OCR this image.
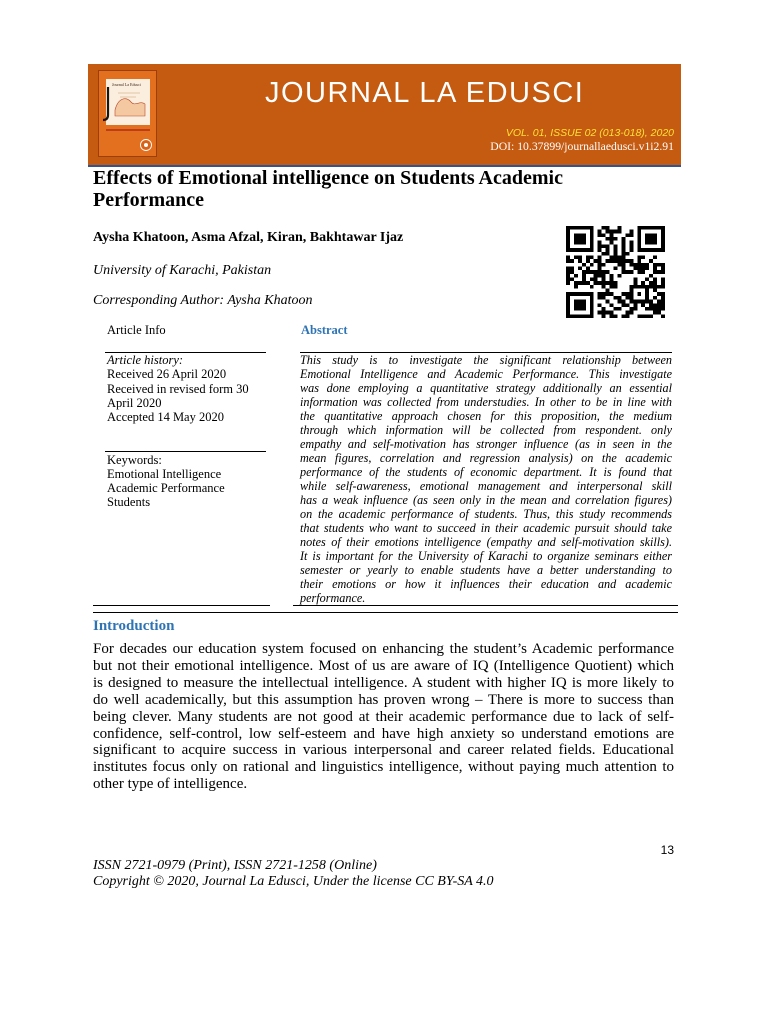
Journal La Edusci	JOURNAL LA EDUSCI
VOL. 01, ISSUE 02 (013-018), 2020
DOI: 10.37899/journallaedusci.v1i2.91
Effects of Emotional intelligence on Students Academic Performance
Aysha Khatoon, Asma Afzal, Kiran, Bakhtawar Ijaz
University of Karachi, Pakistan
Corresponding Author: Aysha Khatoon
Article Info	Abstract
Article history:
Received 26 April 2020
Received in revised form 30 April 2020
Accepted 14 May 2020
Keywords:
Emotional Intelligence
Academic Performance
Students
This study is to investigate the significant relationship between
Emotional Intelligence and Academic Performance. This investigate
was done employing a quantitative strategy additionally an essential
information was collected from understudies. In other to be in line with
the quantitative approach chosen for this proposition, the medium
through which information will be collected from respondent. only
empathy and self-motivation has stronger influence (as in seen in the
mean figures, correlation and regression analysis) on the academic
performance of the students of economic department. It is found that
while self-awareness, emotional management and interpersonal skill
has a weak influence (as seen only in the mean and correlation figures)
on the academic performance of students. Thus, this study recommends
that students who want to succeed in their academic pursuit should take
notes of their emotions intelligence (empathy and self-motivation skills).
It is important for the University of Karachi to organize seminars either
semester or yearly to enable students have a better understanding to
their emotions or how it influences their education and academic
performance.
Introduction
For decades our education system focused on enhancing the student’s Academic performance
but not their emotional intelligence. Most of us are aware of IQ (Intelligence Quotient) which
is designed to measure the intellectual intelligence. A student with higher IQ is more likely to
do well academically, but this assumption has proven wrong – There is more to success than
being clever. Many students are not good at their academic performance due to lack of self-
confidence, self-control, low self-esteem and have high anxiety so understand emotions are
significant to acquire success in various interpersonal and career related fields. Educational
institutes focus only on rational and linguistics intelligence, without paying much attention to
other type of intelligence.
13
ISSN 2721-0979 (Print), ISSN 2721-1258 (Online)
Copyright © 2020, Journal La Edusci, Under the license CC BY-SA 4.0
